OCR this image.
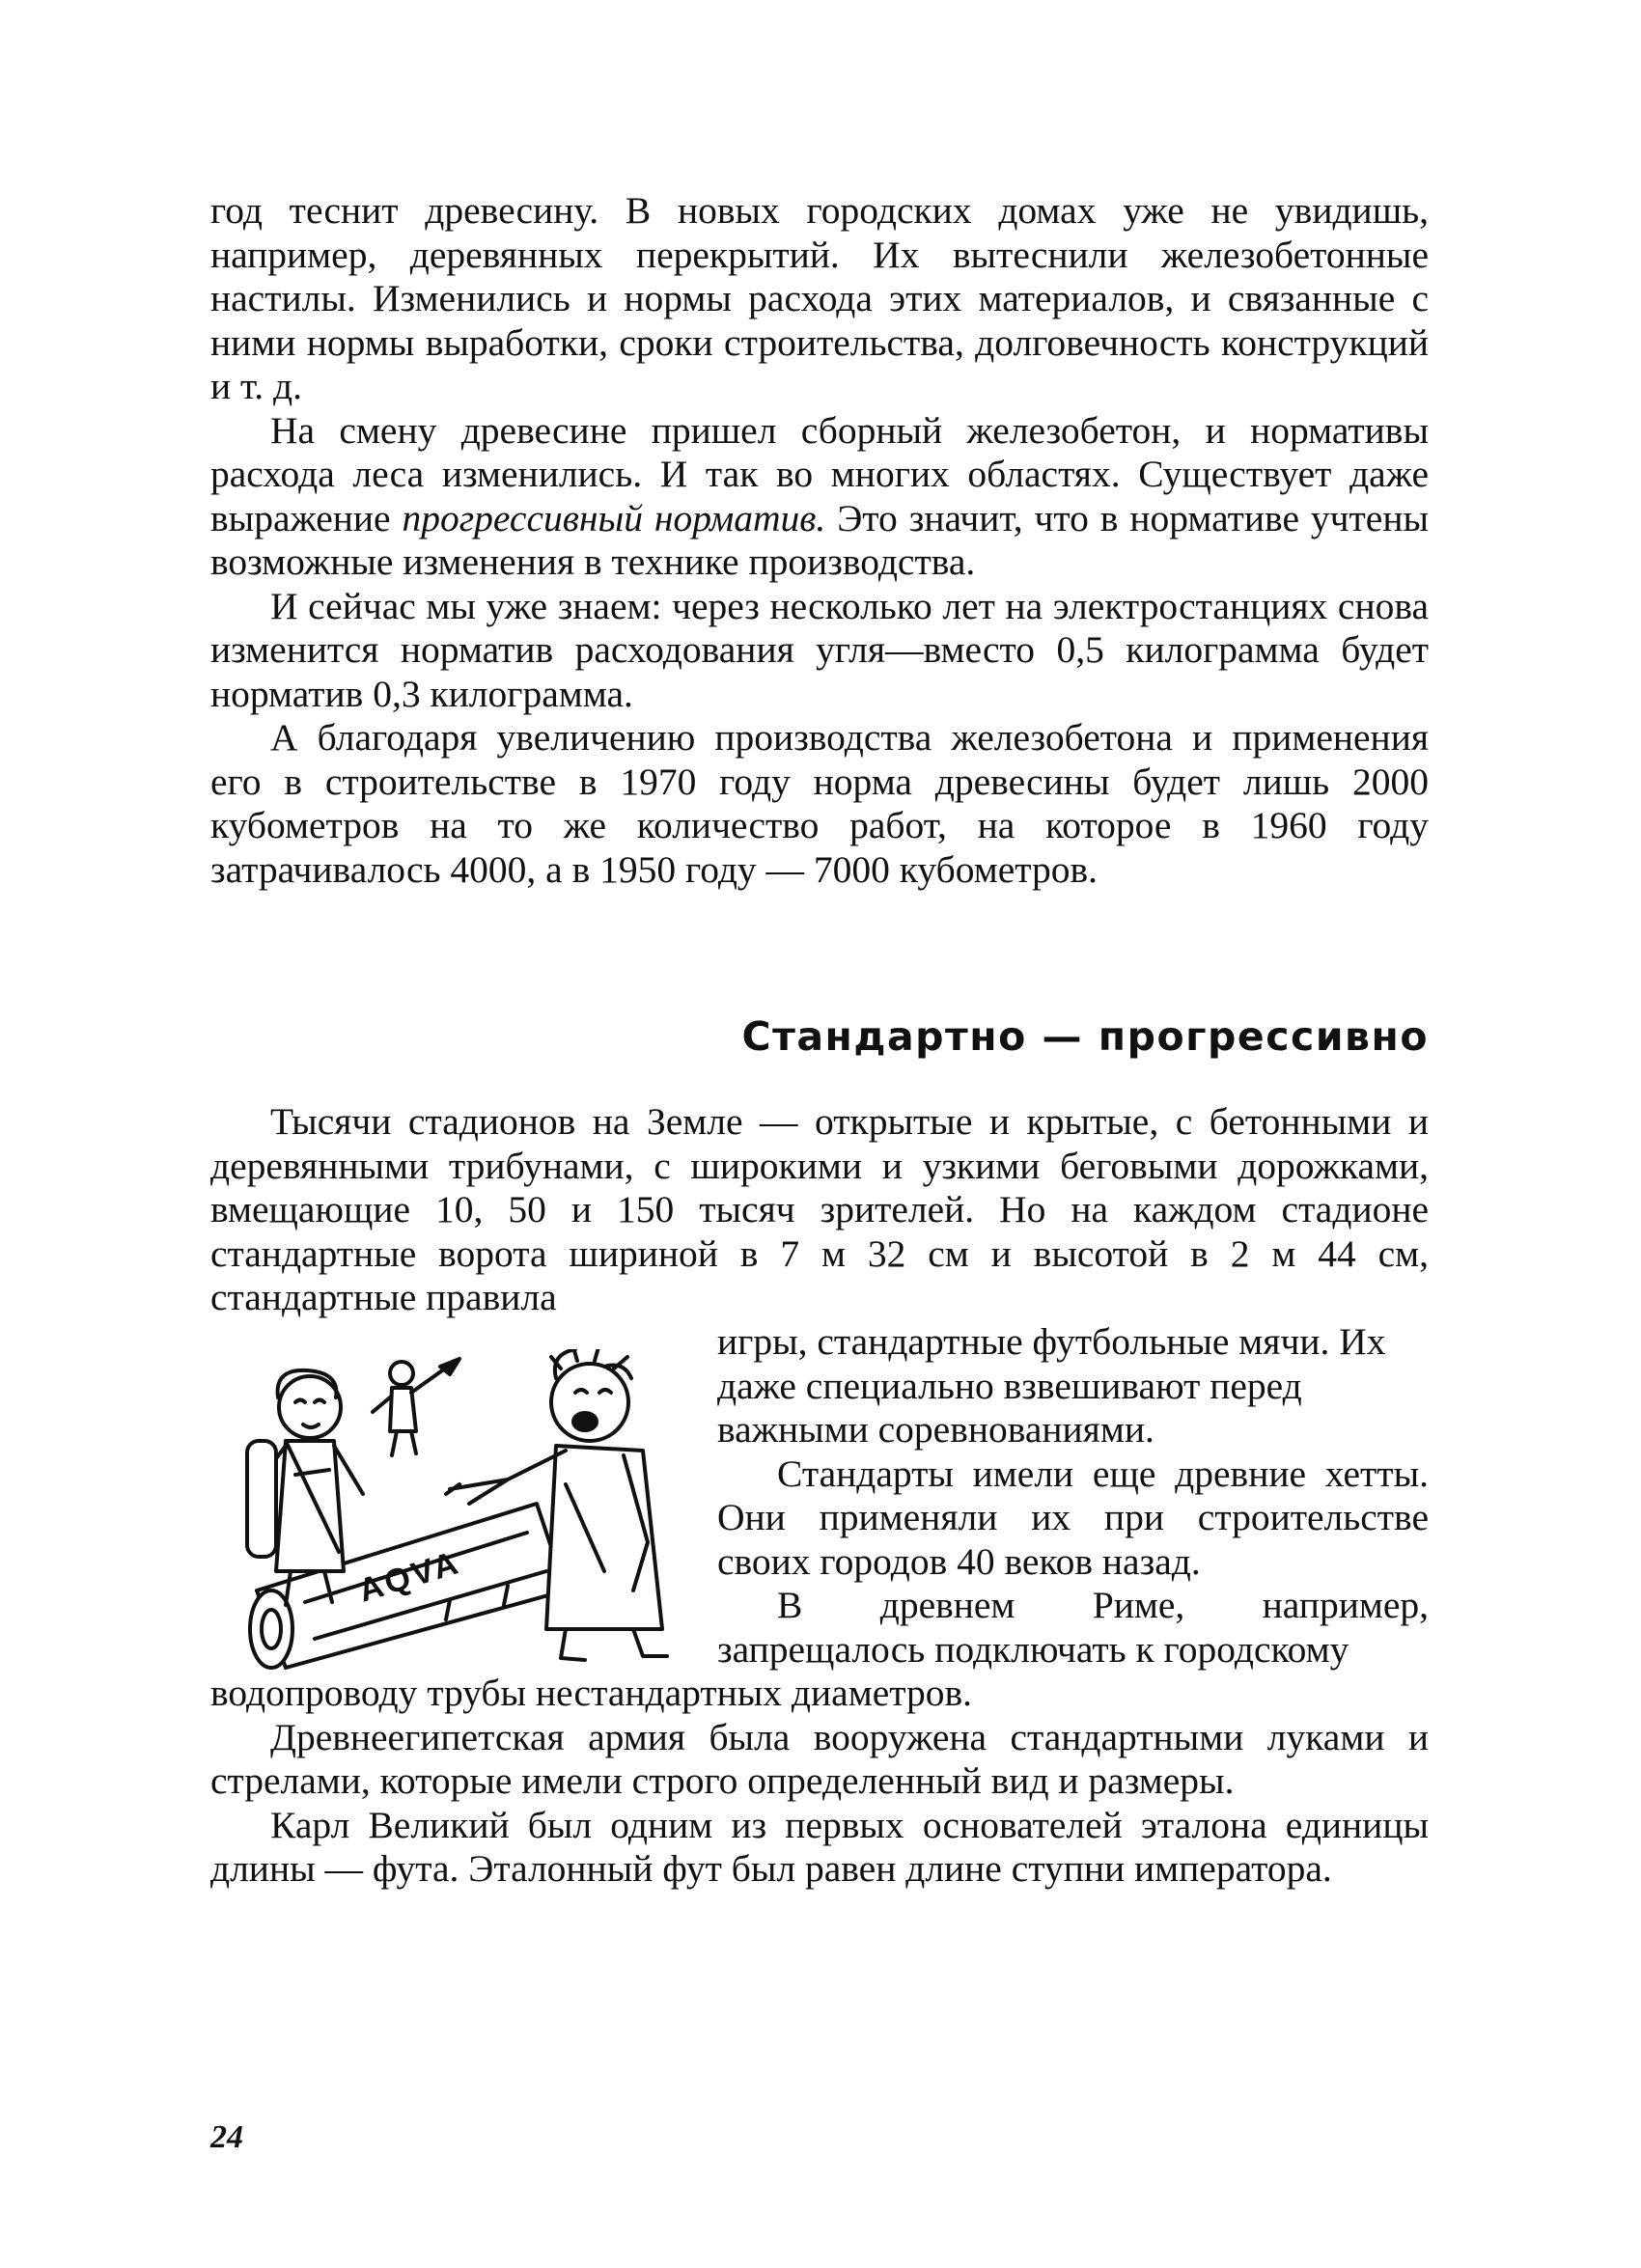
год теснит древесину. В новых городских домах уже не увидишь, например, деревянных перекрытий. Их вытеснили железобетонные настилы. Изменились и нормы расхода этих материалов, и связанные с ними нормы выработки, сроки строительства, долговечность конструкций и т. д.

На смену древесине пришел сборный железобетон, и нормативы расхода леса изменились. И так во многих областях. Существует даже выражение прогрессивный норматив. Это значит, что в нормативе учтены возможные изменения в технике производства.

И сейчас мы уже знаем: через несколько лет на электростанциях снова изменится норматив расходования угля—вместо 0,5 килограмма будет норматив 0,3 килограмма.

А благодаря увеличению производства железобетона и применения его в строительстве в 1970 году норма древесины будет лишь 2000 кубометров на то же количество работ, на которое в 1960 году затрачивалось 4000, а в 1950 году — 7000 кубометров.

Стандартно — прогрессивно

Тысячи стадионов на Земле — открытые и крытые, с бетонными и деревянными трибунами, с широкими и узкими беговыми дорожками, вмещающие 10, 50 и 150 тысяч зрителей. Но на каждом стадионе стандартные ворота шириной в 7 м 32 см и высотой в 2 м 44 см, стандартные правила

AQVA

игры, стандартные футбольные мячи. Их даже специально взвешивают перед важными соревнованиями.

Стандарты имели еще древние хетты. Они применяли их при строительстве своих городов 40 веков назад.

В древнем Риме, например, запрещалось подключать к городскому

водопроводу трубы нестандартных диаметров.

Древнеегипетская армия была вооружена стандартными луками и стрелами, которые имели строго определенный вид и размеры.

Карл Великий был одним из первых основателей эталона единицы длины — фута. Эталонный фут был равен длине ступни императора.

24
